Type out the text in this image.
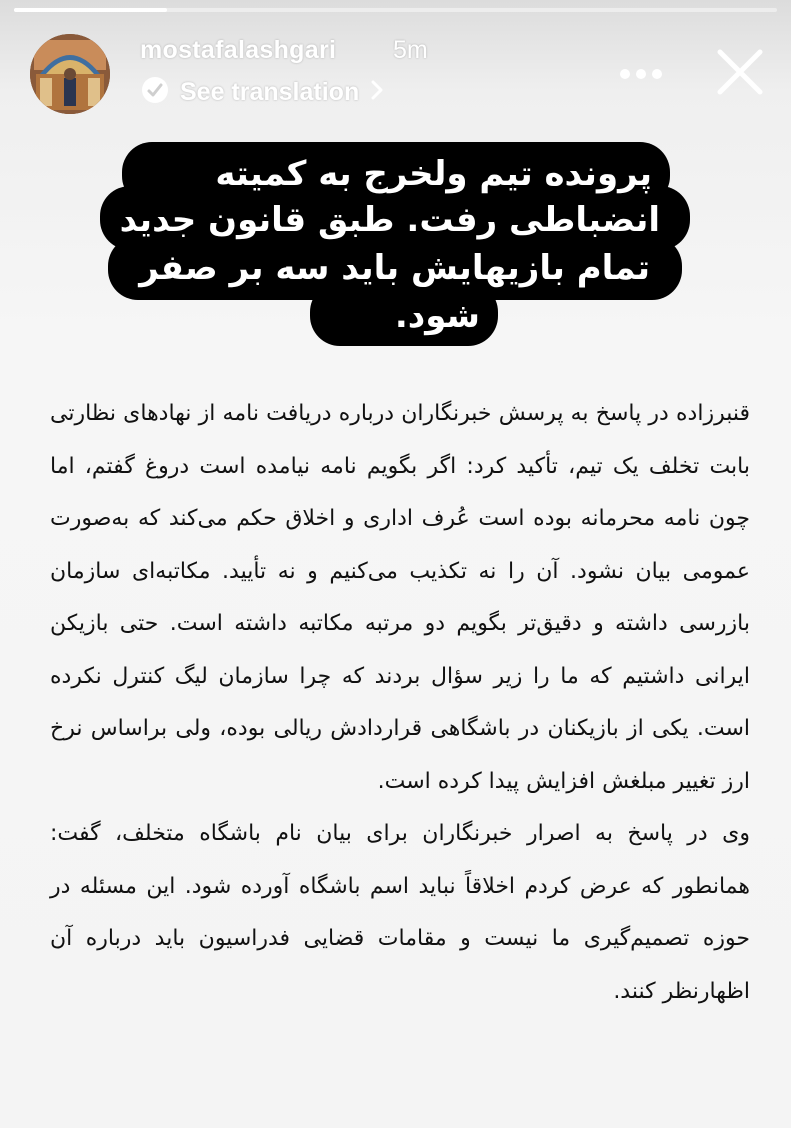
mostafalashgari 5m
See translation
پرونده تیم ولخرج به کمیته
انضباطی رفت. طبق قانون جدید
تمام بازیهایش باید سه بر صفر
شود.

قنبرزاده در پاسخ به پرسش خبرنگاران درباره دریافت نامه از نهادهای نظارتی بابت تخلف یک تیم، تأکید کرد: اگر بگویم نامه نیامده است دروغ گفتم، اما چون نامه محرمانه بوده است عُرف اداری و اخلاق حکم می‌کند که به‌صورت عمومی بیان نشود. آن را نه تکذیب می‌کنیم و نه تأیید. مکاتبه‌ای سازمان بازرسی داشته و دقیق‌تر بگویم دو مرتبه مکاتبه داشته است. حتی بازیکن ایرانی داشتیم که ما را زیر سؤال بردند که چرا سازمان لیگ کنترل نکرده است. یکی از بازیکنان در باشگاهی قراردادش ریالی بوده، ولی براساس نرخ ارز تغییر مبلغش افزایش پیدا کرده است.

وی در پاسخ به اصرار خبرنگاران برای بیان نام باشگاه متخلف، گفت: همانطور که عرض کردم اخلاقاً نباید اسم باشگاه آورده شود. این مسئله در حوزه تصمیم‌گیری ما نیست و مقامات قضایی فدراسیون باید درباره آن اظهارنظر کنند.
